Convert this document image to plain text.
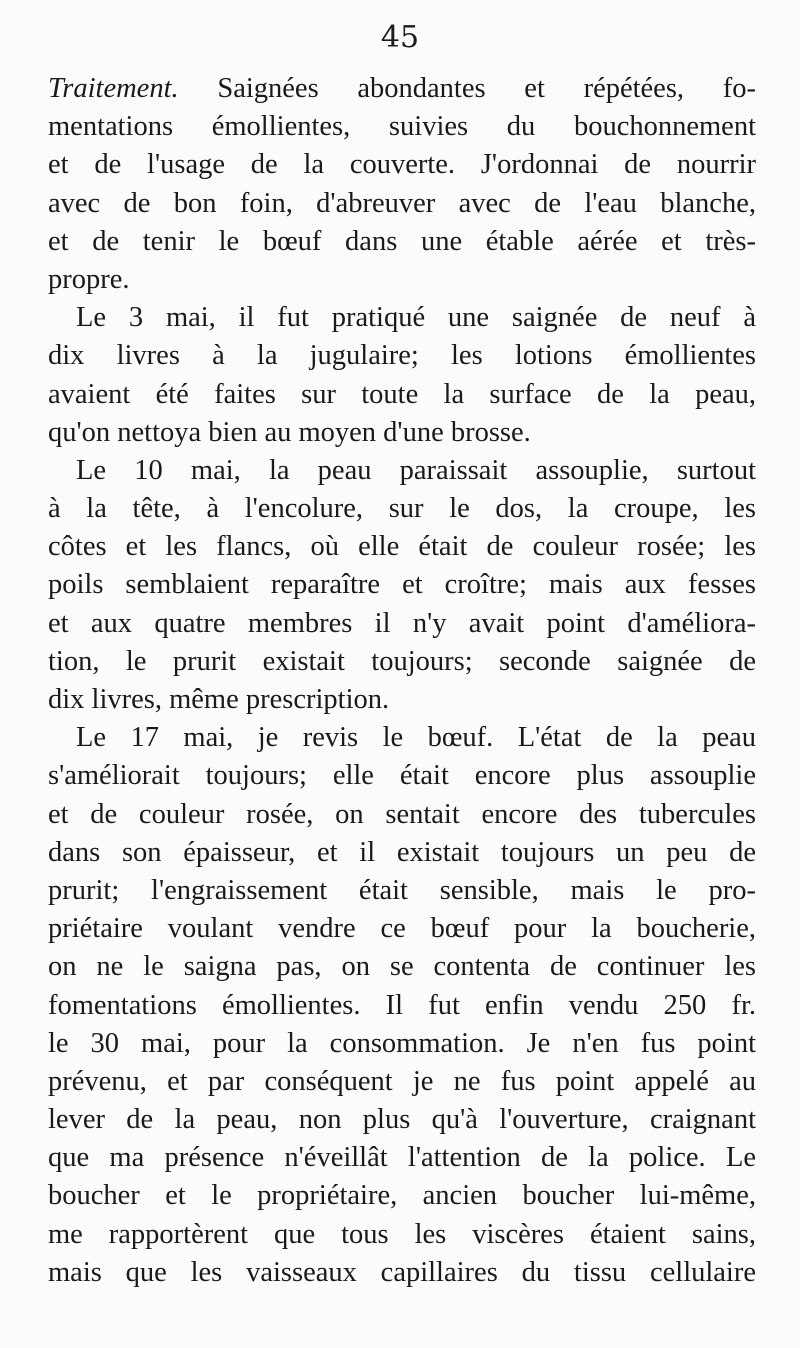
45

Traitement. Saignées abondantes et répétées, fo-
mentations émollientes, suivies du bouchonnement
et de l'usage de la couverte. J'ordonnai de nourrir
avec de bon foin, d'abreuver avec de l'eau blanche,
et de tenir le bœuf dans une étable aérée et très-
propre.
Le 3 mai, il fut pratiqué une saignée de neuf à
dix livres à la jugulaire; les lotions émollientes
avaient été faites sur toute la surface de la peau,
qu'on nettoya bien au moyen d'une brosse.
Le 10 mai, la peau paraissait assouplie, surtout
à la tête, à l'encolure, sur le dos, la croupe, les
côtes et les flancs, où elle était de couleur rosée; les
poils semblaient reparaître et croître; mais aux fesses
et aux quatre membres il n'y avait point d'améliora-
tion, le prurit existait toujours; seconde saignée de
dix livres, même prescription.
Le 17 mai, je revis le bœuf. L'état de la peau
s'améliorait toujours; elle était encore plus assouplie
et de couleur rosée, on sentait encore des tubercules
dans son épaisseur, et il existait toujours un peu de
prurit; l'engraissement était sensible, mais le pro-
priétaire voulant vendre ce bœuf pour la boucherie,
on ne le saigna pas, on se contenta de continuer les
fomentations émollientes. Il fut enfin vendu 250 fr.
le 30 mai, pour la consommation. Je n'en fus point
prévenu, et par conséquent je ne fus point appelé au
lever de la peau, non plus qu'à l'ouverture, craignant
que ma présence n'éveillât l'attention de la police. Le
boucher et le propriétaire, ancien boucher lui-même,
me rapportèrent que tous les viscères étaient sains,
mais que les vaisseaux capillaires du tissu cellulaire
